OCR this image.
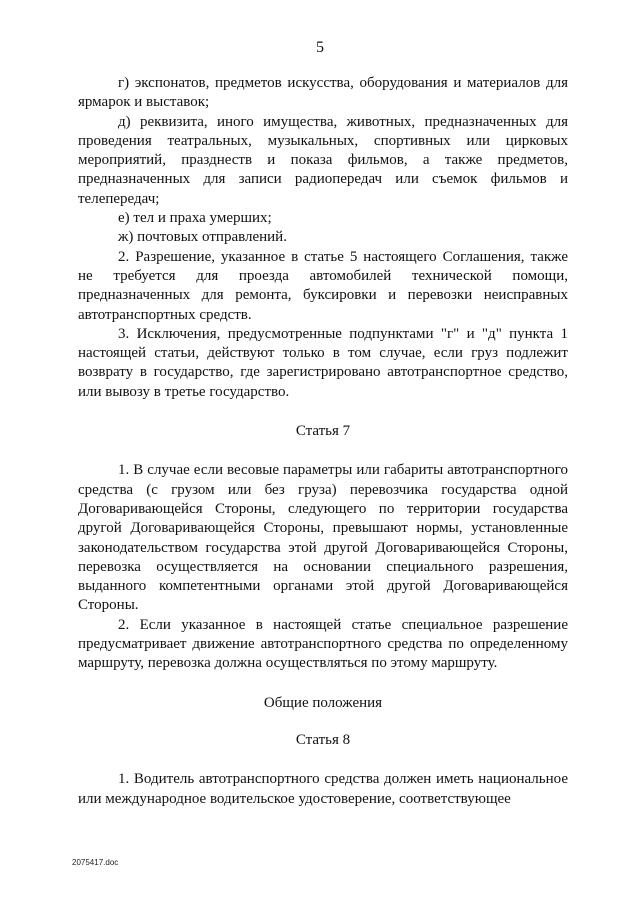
5

г) экспонатов, предметов искусства, оборудования и материалов для ярмарок и выставок;

д) реквизита, иного имущества, животных, предназначенных для проведения театральных, музыкальных, спортивных или цирковых мероприятий, празднеств и показа фильмов, а также предметов, предназначенных для записи радиопередач или съемок фильмов и телепередач;

е) тел и праха умерших;

ж) почтовых отправлений.

2. Разрешение, указанное в статье 5 настоящего Соглашения, также не требуется для проезда автомобилей технической помощи, предназначенных для ремонта, буксировки и перевозки неисправных автотранспортных средств.

3. Исключения, предусмотренные подпунктами "г" и "д" пункта 1 настоящей статьи, действуют только в том случае, если груз подлежит возврату в государство, где зарегистрировано автотранспортное средство, или вывозу в третье государство.

Статья 7

1. В случае если весовые параметры или габариты автотранспортного средства (с грузом или без груза) перевозчика государства одной Договаривающейся Стороны, следующего по территории государства другой Договаривающейся Стороны, превышают нормы, установленные законодательством государства этой другой Договаривающейся Стороны, перевозка осуществляется на основании специального разрешения, выданного компетентными органами этой другой Договаривающейся Стороны.

2. Если указанное в настоящей статье специальное разрешение предусматривает движение автотранспортного средства по определенному маршруту, перевозка должна осуществляться по этому маршруту.

Общие положения

Статья 8

1. Водитель автотранспортного средства должен иметь национальное или международное водительское удостоверение, соответствующее

2075417.doc
